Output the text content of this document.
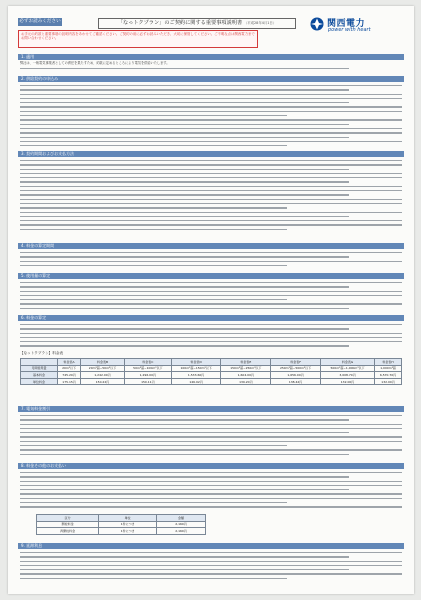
必ずお読みください	「なっトクプラン」のご契約に関する重要事項説明書 （平成28年4月1日）	関西電力
power with heart
お手元の約款と重要事項の説明内容をあわせてご確認ください。ご契約の前に必ずお読みいただき、大切に保管してください。ご不明な点は関西電力までお問い合わせください。
1. 適用
弊社は、一般電気事業者としての責任を果たすため、約款に定めるところにより電気を供給いたします。
2. 供給契約の申込み
3. 契約期間およびお支払方法
4. 料金の算定期間
5. 使用量の算定
6. 料金の算定
【なっトクプラン】料金表
	料金表A	料金表B	料金表C	料金表D	料金表E	料金表F	料金表G	料金表H
月間使用量	20m³以下	20m³超~50m³以下	50m³超~100m³以下	100m³超~150m³以下	150m³超~250m³以下	250m³超~500m³以下	500m³超~1,000m³以下	1,000m³超
基本料金	745.20円	1,242.00円	1,296.00円	1,533.60円	1,604.00円	1,656.00円	3,008.70円	6,570.70円
単位料金	175.15円	150.22円	150.11円	146.02円	139.20円	138.42円	132.00円	132.00円
7. 電気料金割引
8. 料金その他のお支払い
区分	単位	金額
開栓料金	1件につき	2,160円
再開栓料金	1件につき	2,160円
9. 延滞利息
